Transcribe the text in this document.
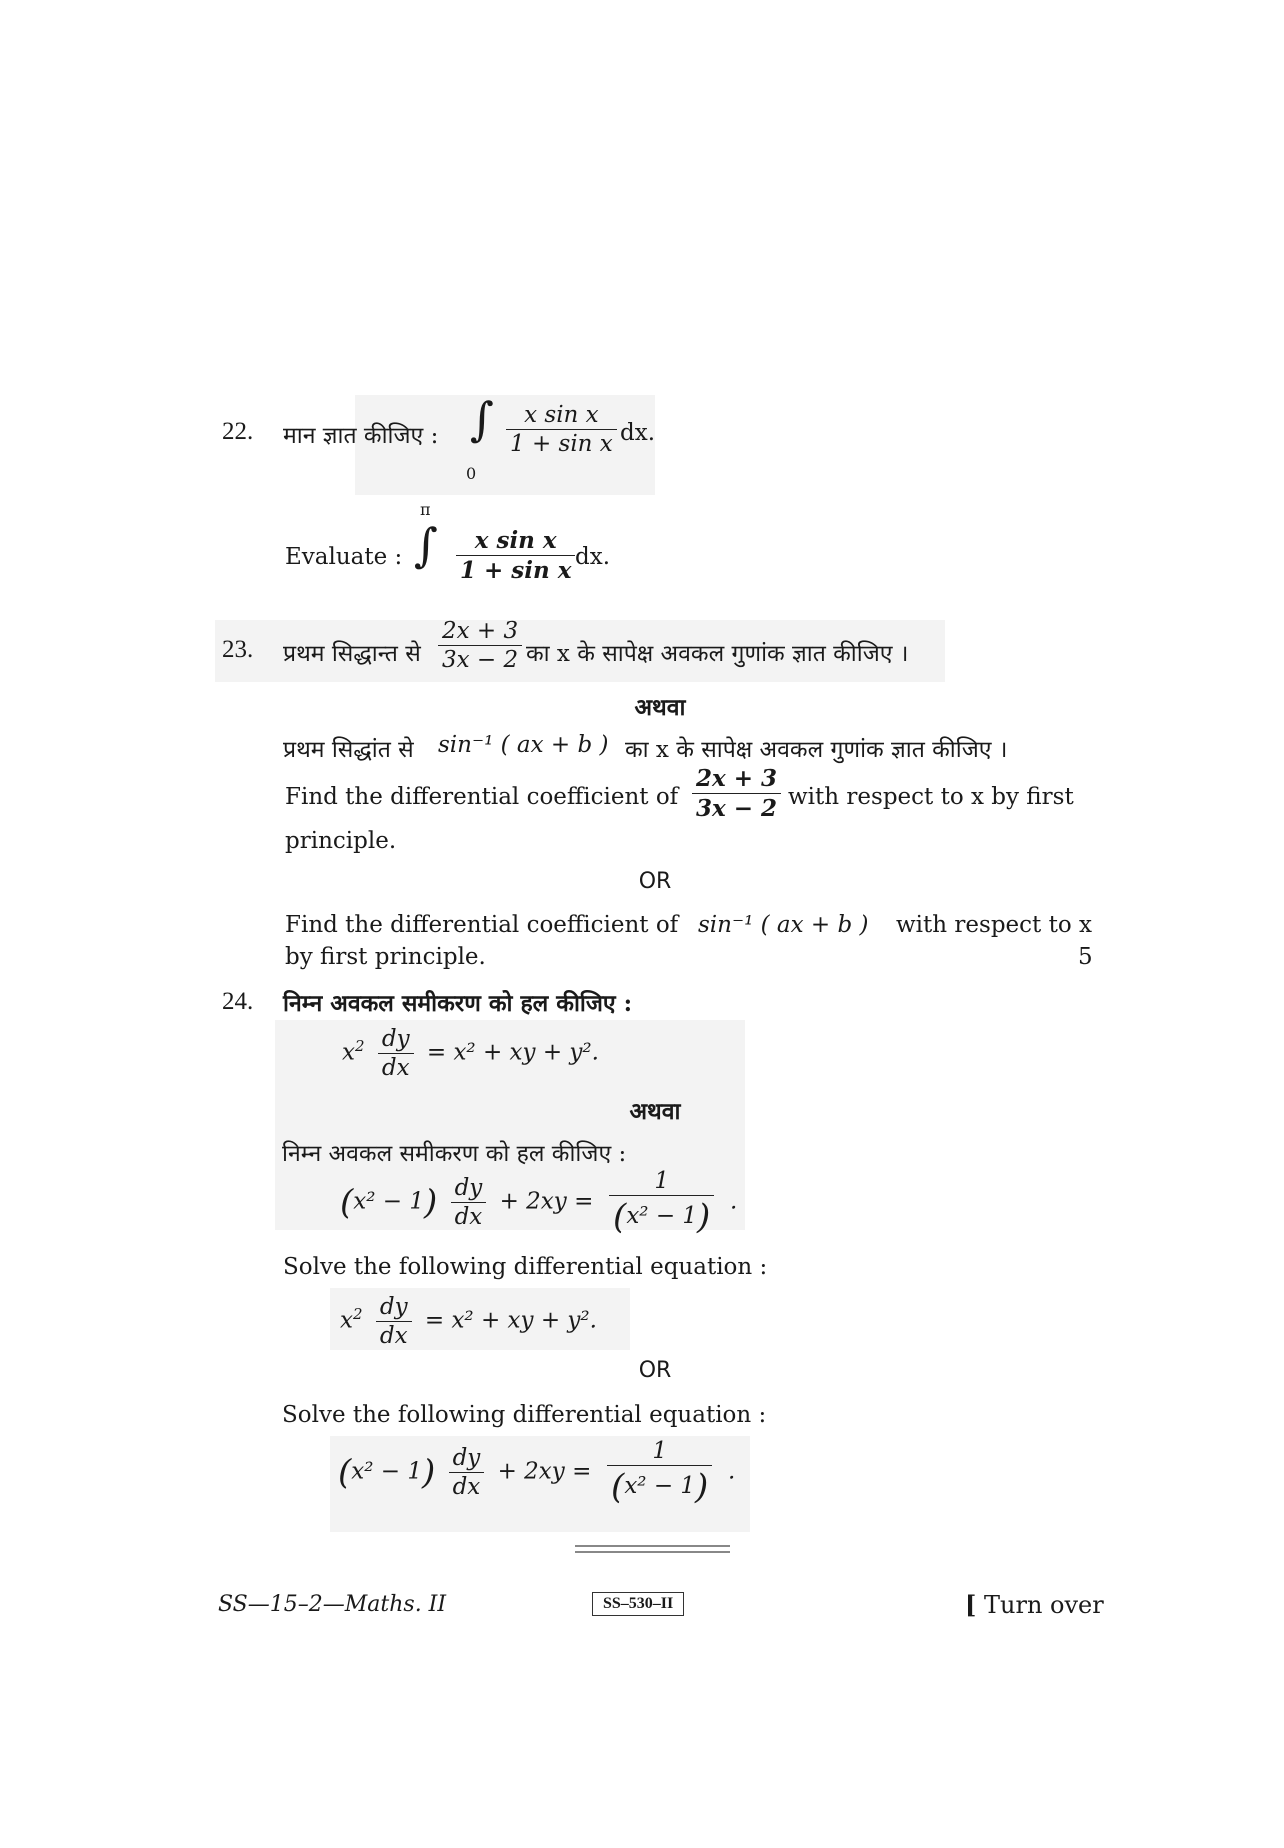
22. मान ज्ञात कीजिए : ∫
0
$\frac{\text{x sin x}}{\text{1 + sin x}}$ dx.
π
Evaluate : ∫ $\frac{\text{x sin x}}{\text{1 + sin x}}$ dx.
23. प्रथम सिद्धान्त से $\frac{2x + 3}{3x - 2}$ का x के सापेक्ष अवकल गुणांक ज्ञात कीजिए ।
अथवा
प्रथम सिद्धांत से sin⁻¹ ( ax + b ) का x के सापेक्ष अवकल गुणांक ज्ञात कीजिए ।
Find the differential coefficient of $\frac{2x + 3}{3x - 2}$ with respect to x by first
principle.
OR
Find the differential coefficient of sin⁻¹ ( ax + b ) with respect to x
by first principle.	5
24. निम्न अवकल समीकरण को हल कीजिए :
$x^2 \frac{dy}{dx} = x^2$ + xy + y².
अथवा
निम्न अवकल समीकरण को हल कीजिए :
$(x^2 - 1) \frac{dy}{dx} + 2xy = \frac{1}{\text{(x² − 1)}}$ .
Solve the following differential equation :
$x^2 \frac{dy}{dx} = x^2$ + xy + y².
OR
Solve the following differential equation :
$(x^2 - 1) \frac{dy}{dx} + 2xy = \frac{1}{\text{(x² − 1)}}$ .
SS—15–2—Maths. II	SS–530–II	[ Turn over
